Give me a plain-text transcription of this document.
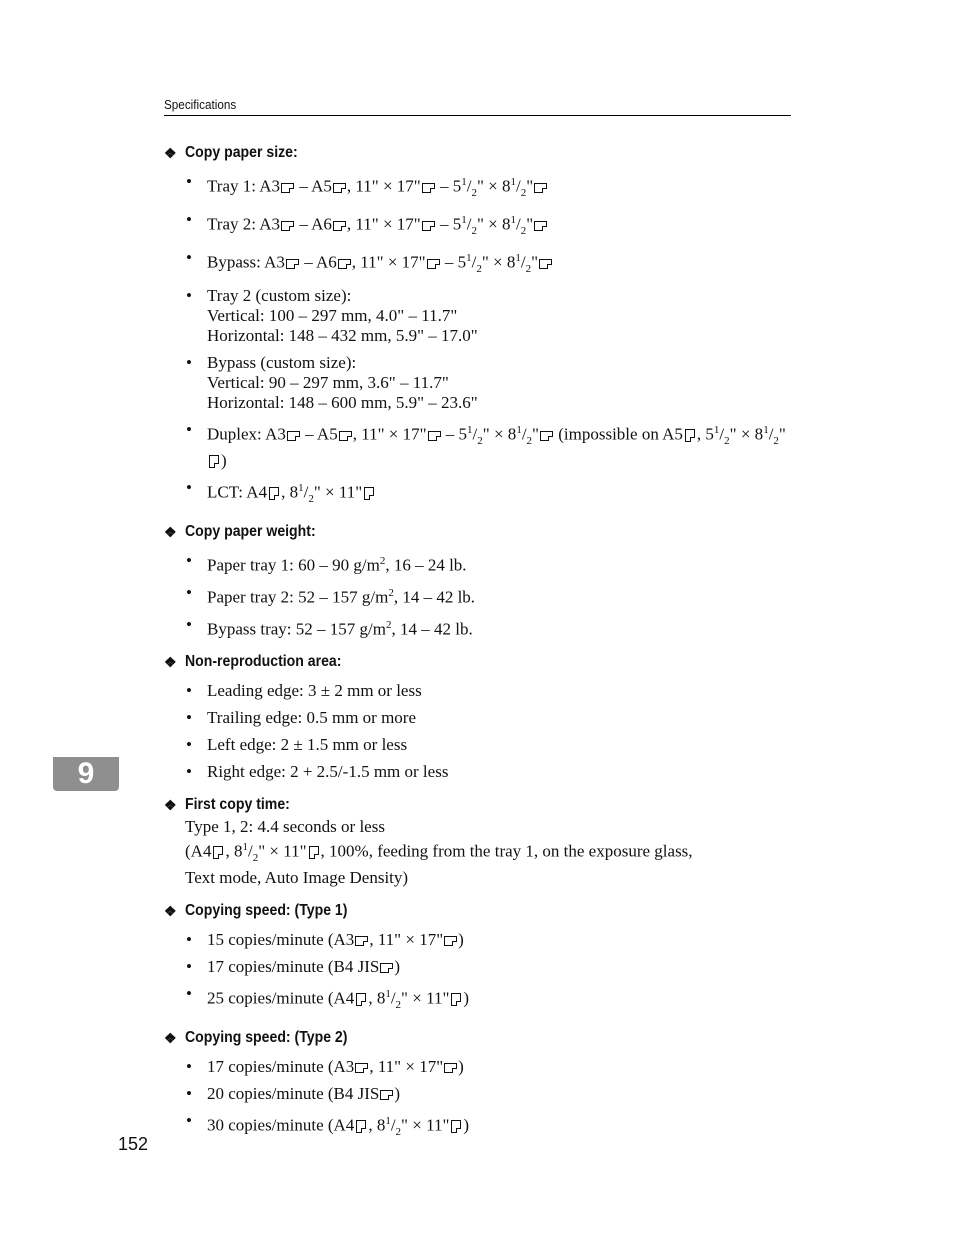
Specifications
❖ Copy paper size:
• Tray 1: A3 – A5 , 11" × 17" – $5^1/_2$" × $8^1/_2$"
• Tray 2: A3 – A6 , 11" × 17" – $5^1/_2$" × $8^1/_2$"
• Bypass: A3 – A6 , 11" × 17" – $5^1/_2$" × $8^1/_2$"
• Tray 2 (custom size):
Vertical: 100 – 297 mm, 4.0" – 11.7"
Horizontal: 148 – 432 mm, 5.9" – 17.0"
• Bypass (custom size):
Vertical: 90 – 297 mm, 3.6" – 11.7"
Horizontal: 148 – 600 mm, 5.9" – 23.6"
• Duplex: A3 – A5 , 11" × 17" – $5^1/_2$" × $8^1/_2$" (impossible on A5 , $5^1/_2$" × $8^1/_2$" )
• LCT: A4 , $8^1/_2$" × 11"
❖ Copy paper weight:
• Paper tray 1: 60 – 90 $g/m^2$, 16 – 24 lb.
• Paper tray 2: 52 – 157 $g/m^2$, 14 – 42 lb.
• Bypass tray: 52 – 157 $g/m^2$, 14 – 42 lb.
❖ Non-reproduction area:
• Leading edge: 3 ± 2 mm or less
• Trailing edge: 0.5 mm or more
• Left edge: 2 ± 1.5 mm or less
• Right edge: 2 + 2.5/-1.5 mm or less
❖ First copy time:
Type 1, 2: 4.4 seconds or less
(A4 , $8^1/_2$" × 11" , 100%, feeding from the tray 1, on the exposure glass,
Text mode, Auto Image Density)
❖ Copying speed: (Type 1)
• 15 copies/minute (A3 , 11" × 17" )
• 17 copies/minute (B4 JIS )
• 25 copies/minute (A4 , $8^1/_2$" × 11" )
❖ Copying speed: (Type 2)
• 17 copies/minute (A3 , 11" × 17" )
• 20 copies/minute (B4 JIS )
• 30 copies/minute (A4 , $8^1/_2$" × 11" )
9
152
